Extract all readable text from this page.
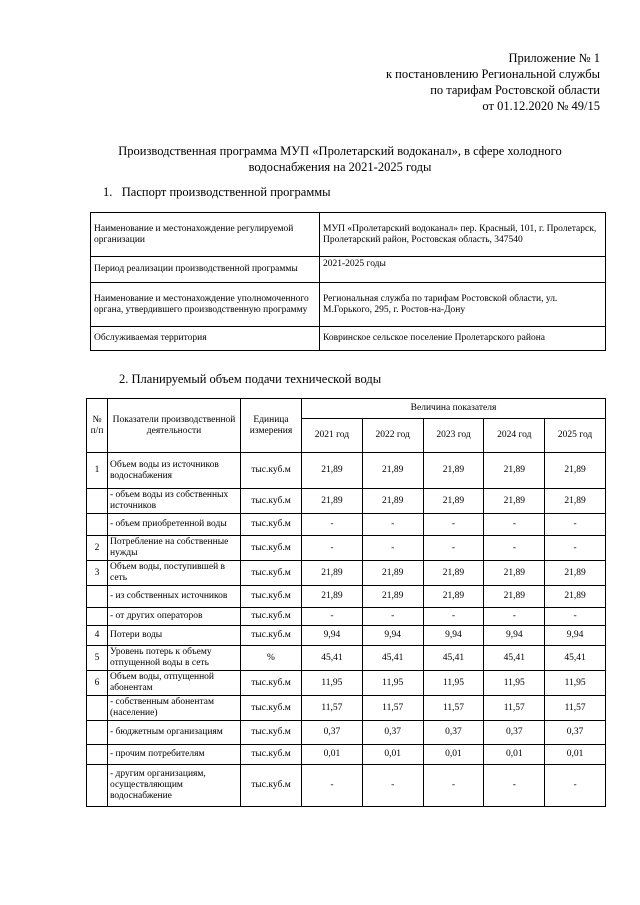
Приложение № 1
к постановлению Региональной службы
по тарифам Ростовской области
от 01.12.2020 № 49/15
Производственная программа МУП «Пролетарский водоканал», в сфере холодного
водоснабжения на 2021-2025 годы
1. Паспорт производственной программы
Наименование и местонахождение регулируемой организации	МУП «Пролетарский водоканал» пер. Красный, 101, г. Пролетарск, Пролетарский район, Ростовская область, 347540
Период реализации производственной программы	2021-2025 годы
Наименование и местонахождение уполномоченного органа, утвердившего производственную программу	Региональная служба по тарифам Ростовской области, ул. М.Горького, 295, г. Ростов-на-Дону
Обслуживаемая территория	Ковринское сельское поселение Пролетарского района
2. Планируемый объем подачи технической воды
№ п/п	Показатели производственной деятельности	Единица измерения	Величина показателя				
			2021 год	2022 год	2023 год	2024 год	2025 год
1	Объем воды из источников водоснабжения	тыс.куб.м	21,89	21,89	21,89	21,89	21,89
	- объем воды из собственных источников	тыс.куб.м	21,89	21,89	21,89	21,89	21,89
	- объем приобретенной воды	тыс.куб.м	-	-	-	-	-
2	Потребление на собственные нужды	тыс.куб.м	-	-	-	-	-
3	Объем воды, поступившей в сеть	тыс.куб.м	21,89	21,89	21,89	21,89	21,89
	- из собственных источников	тыс.куб.м	21,89	21,89	21,89	21,89	21,89
	- от других операторов	тыс.куб.м	-	-	-	-	-
4	Потери воды	тыс.куб.м	9,94	9,94	9,94	9,94	9,94
5	Уровень потерь к объему отпущенной воды в сеть	%	45,41	45,41	45,41	45,41	45,41
6	Объем воды, отпущенной абонентам	тыс.куб.м	11,95	11,95	11,95	11,95	11,95
	- собственным абонентам (население)	тыс.куб.м	11,57	11,57	11,57	11,57	11,57
	- бюджетным организациям	тыс.куб.м	0,37	0,37	0,37	0,37	0,37
	- прочим потребителям	тыс.куб.м	0,01	0,01	0,01	0,01	0,01
	- другим организациям, осуществляющим водоснабжение	тыс.куб.м	-	-	-	-	-
